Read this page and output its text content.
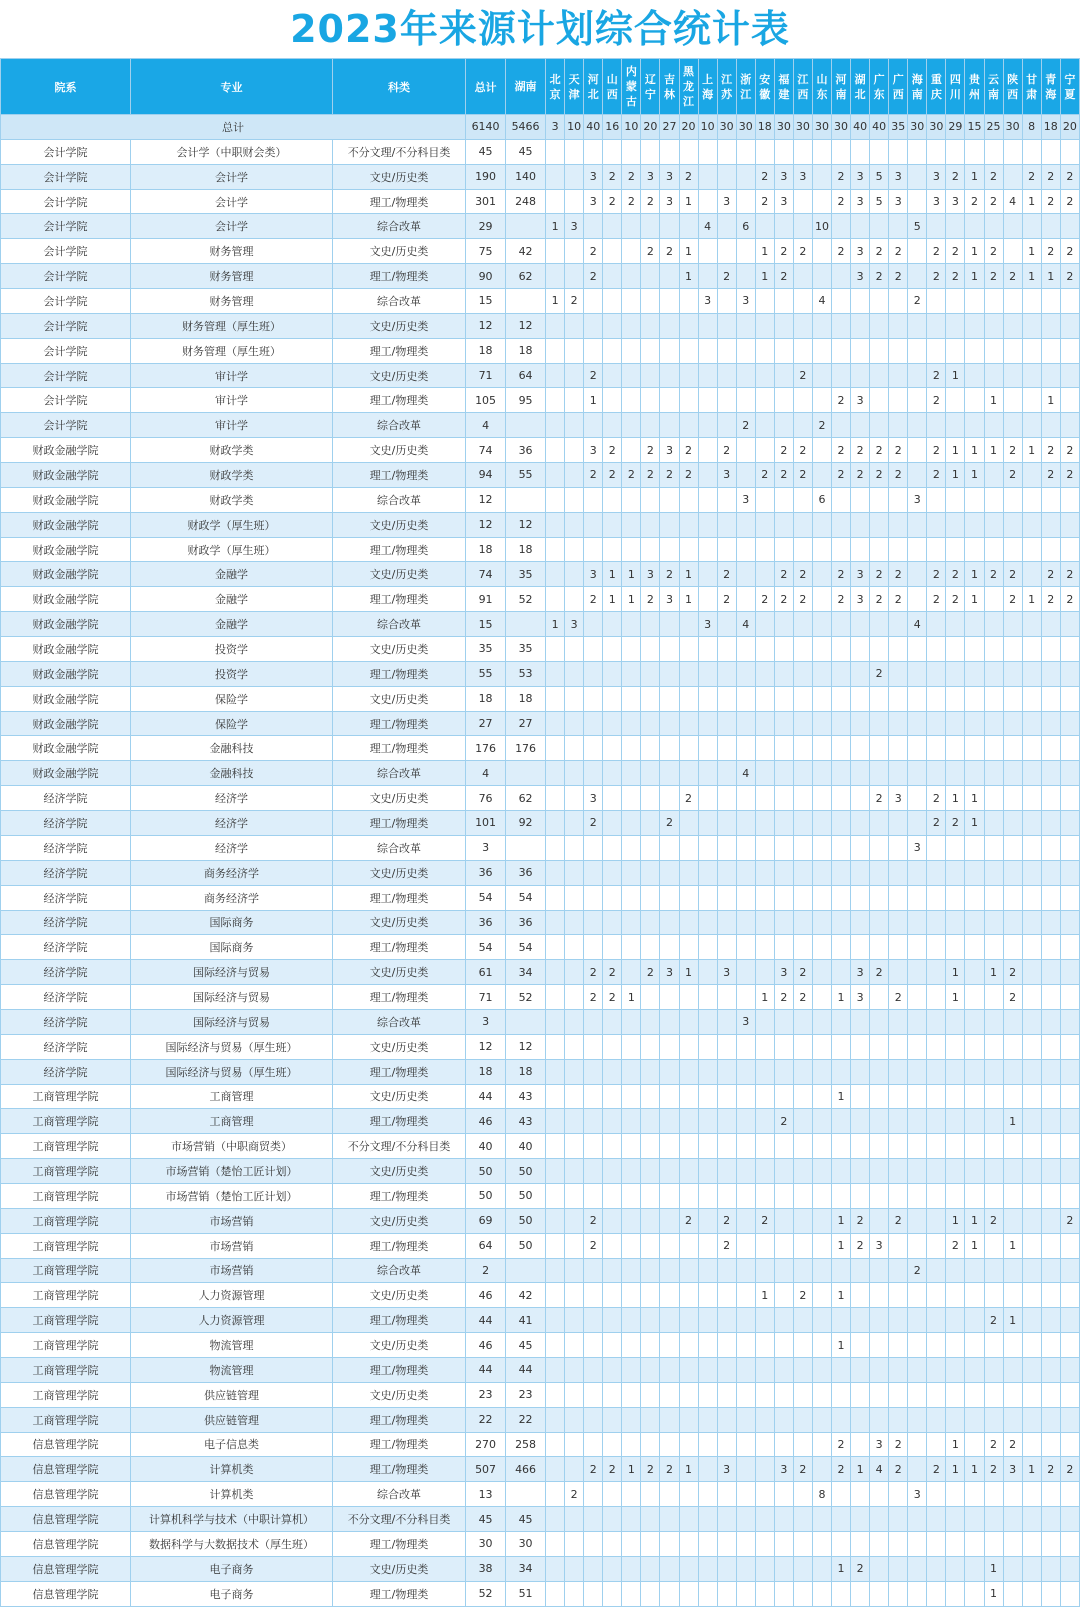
2023年来源计划综合统计表
院系	专业	科类	总计	湖南	北京	天津	河北	山西	内蒙古	辽宁	吉林	黑龙江	上海	江苏	浙江	安徽	福建	江西	山东	河南	湖北	广东	广西	海南	重庆	四川	贵州	云南	陕西	甘肃	青海	宁夏
总计			6140	5466	3	10	40	16	10	20	27	20	10	30	30	18	30	30	30	30	40	40	35	30	30	29	15	25	30	8	18	20
会计学院	会计学（中职财会类）	不分文理/不分科目类	45	45																												
会计学院	会计学	文史/历史类	190	140			3	2	2	3	3	2				2	3	3		2	3	5	3		3	2	1	2		2	2	2
会计学院	会计学	理工/物理类	301	248			3	2	2	2	3	1		3		2	3			2	3	5	3		3	3	2	2	4	1	2	2
会计学院	会计学	综合改革	29		1	3							4		6				10					5								
会计学院	财务管理	文史/历史类	75	42			2			2	2	1				1	2	2		2	3	2	2		2	2	1	2		1	2	2
会计学院	财务管理	理工/物理类	90	62			2					1		2		1	2				3	2	2		2	2	1	2	2	1	1	2
会计学院	财务管理	综合改革	15		1	2							3		3				4					2								
会计学院	财务管理（厚生班）	文史/历史类	12	12																												
会计学院	财务管理（厚生班）	理工/物理类	18	18																												
会计学院	审计学	文史/历史类	71	64			2											2							2	1						
会计学院	审计学	理工/物理类	105	95			1													2	3				2			1			1	
会计学院	审计学	综合改革	4												2				2													
财政金融学院	财政学类	文史/历史类	74	36			3	2		2	3	2		2			2	2		2	2	2	2		2	1	1	1	2	1	2	2
财政金融学院	财政学类	理工/物理类	94	55			2	2	2	2	2	2		3		2	2	2		2	2	2	2		2	1	1		2		2	2
财政金融学院	财政学类	综合改革	12												3				6					3								
财政金融学院	财政学（厚生班）	文史/历史类	12	12																												
财政金融学院	财政学（厚生班）	理工/物理类	18	18																												
财政金融学院	金融学	文史/历史类	74	35			3	1	1	3	2	1		2			2	2		2	3	2	2		2	2	1	2	2		2	2
财政金融学院	金融学	理工/物理类	91	52			2	1	1	2	3	1		2		2	2	2		2	3	2	2		2	2	1		2	1	2	2
财政金融学院	金融学	综合改革	15		1	3							3		4									4								
财政金融学院	投资学	文史/历史类	35	35																												
财政金融学院	投资学	理工/物理类	55	53																		2										
财政金融学院	保险学	文史/历史类	18	18																												
财政金融学院	保险学	理工/物理类	27	27																												
财政金融学院	金融科技	理工/物理类	176	176																												
财政金融学院	金融科技	综合改革	4												4																	
经济学院	经济学	文史/历史类	76	62			3					2										2	3		2	1	1					
经济学院	经济学	理工/物理类	101	92			2				2														2	2	1					
经济学院	经济学	综合改革	3																					3								
经济学院	商务经济学	文史/历史类	36	36																												
经济学院	商务经济学	理工/物理类	54	54																												
经济学院	国际商务	文史/历史类	36	36																												
经济学院	国际商务	理工/物理类	54	54																												
经济学院	国际经济与贸易	文史/历史类	61	34			2	2		2	3	1		3			3	2			3	2				1		1	2			
经济学院	国际经济与贸易	理工/物理类	71	52			2	2	1							1	2	2		1	3		2			1			2			
经济学院	国际经济与贸易	综合改革	3												3																	
经济学院	国际经济与贸易（厚生班）	文史/历史类	12	12																												
经济学院	国际经济与贸易（厚生班）	理工/物理类	18	18																												
工商管理学院	工商管理	文史/历史类	44	43																1												
工商管理学院	工商管理	理工/物理类	46	43													2												1			
工商管理学院	市场营销（中职商贸类）	不分文理/不分科目类	40	40																												
工商管理学院	市场营销（楚怡工匠计划）	文史/历史类	50	50																												
工商管理学院	市场营销（楚怡工匠计划）	理工/物理类	50	50																												
工商管理学院	市场营销	文史/历史类	69	50			2					2		2		2				1	2		2			1	1	2				2
工商管理学院	市场营销	理工/物理类	64	50			2							2						1	2	3				2	1		1			
工商管理学院	市场营销	综合改革	2																					2								
工商管理学院	人力资源管理	文史/历史类	46	42												1		2		1												
工商管理学院	人力资源管理	理工/物理类	44	41																								2	1			
工商管理学院	物流管理	文史/历史类	46	45																1												
工商管理学院	物流管理	理工/物理类	44	44																												
工商管理学院	供应链管理	文史/历史类	23	23																												
工商管理学院	供应链管理	理工/物理类	22	22																												
信息管理学院	电子信息类	理工/物理类	270	258																2		3	2			1		2	2			
信息管理学院	计算机类	理工/物理类	507	466			2	2	1	2	2	1		3			3	2		2	1	4	2		2	1	1	2	3	1	2	2
信息管理学院	计算机类	综合改革	13			2													8					3								
信息管理学院	计算机科学与技术（中职计算机）	不分文理/不分科目类	45	45																												
信息管理学院	数据科学与大数据技术（厚生班）	理工/物理类	30	30																												
信息管理学院	电子商务	文史/历史类	38	34																1	2							1				
信息管理学院	电子商务	理工/物理类	52	51																								1				
